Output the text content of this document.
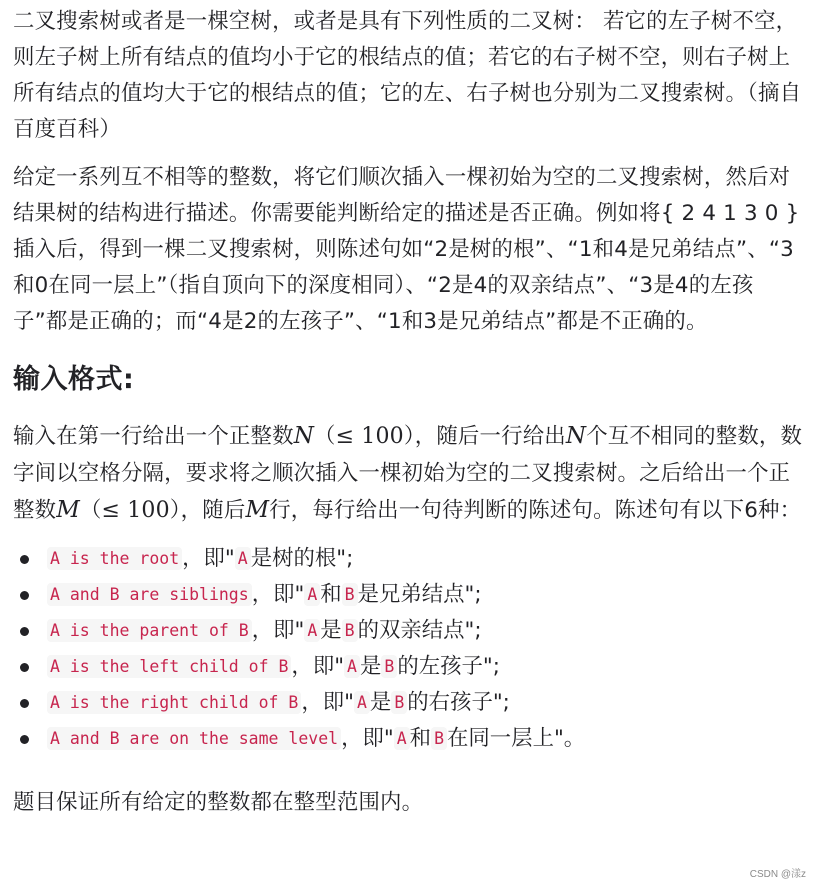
二叉搜索树或者是一棵空树，或者是具有下列性质的二叉树： 若它的左子树不空，则左子树上所有结点的值均小于它的根结点的值；若它的右子树不空，则右子树上所有结点的值均大于它的根结点的值；它的左、右子树也分别为二叉搜索树。（摘自百度百科）

给定一系列互不相等的整数，将它们顺次插入一棵初始为空的二叉搜索树，然后对结果树的结构进行描述。你需要能判断给定的描述是否正确。例如将{ 2 4 1 3 0 }插入后，得到一棵二叉搜索树，则陈述句如“2是树的根”、“1和4是兄弟结点”、“3和0在同一层上”（指自顶向下的深度相同）、“2是4的双亲结点”、“3是4的左孩子”都是正确的；而“4是2的左孩子”、“1和3是兄弟结点”都是不正确的。

输入格式:

输入在第一行给出一个正整数N（≤ 100），随后一行给出N个互不相同的整数，数字间以空格分隔，要求将之顺次插入一棵初始为空的二叉搜索树。之后给出一个正整数M（≤ 100），随后M行，每行给出一句待判断的陈述句。陈述句有以下6种：

A is the root ，即" A 是树的根";
A and B are siblings ，即" A 和 B 是兄弟结点";
A is the parent of B ，即" A 是 B 的双亲结点";
A is the left child of B ，即" A 是 B 的左孩子";
A is the right child of B ，即" A 是 B 的右孩子";
A and B are on the same level ，即" A 和 B 在同一层上"。

题目保证所有给定的整数都在整型范围内。

CSDN @漾z
